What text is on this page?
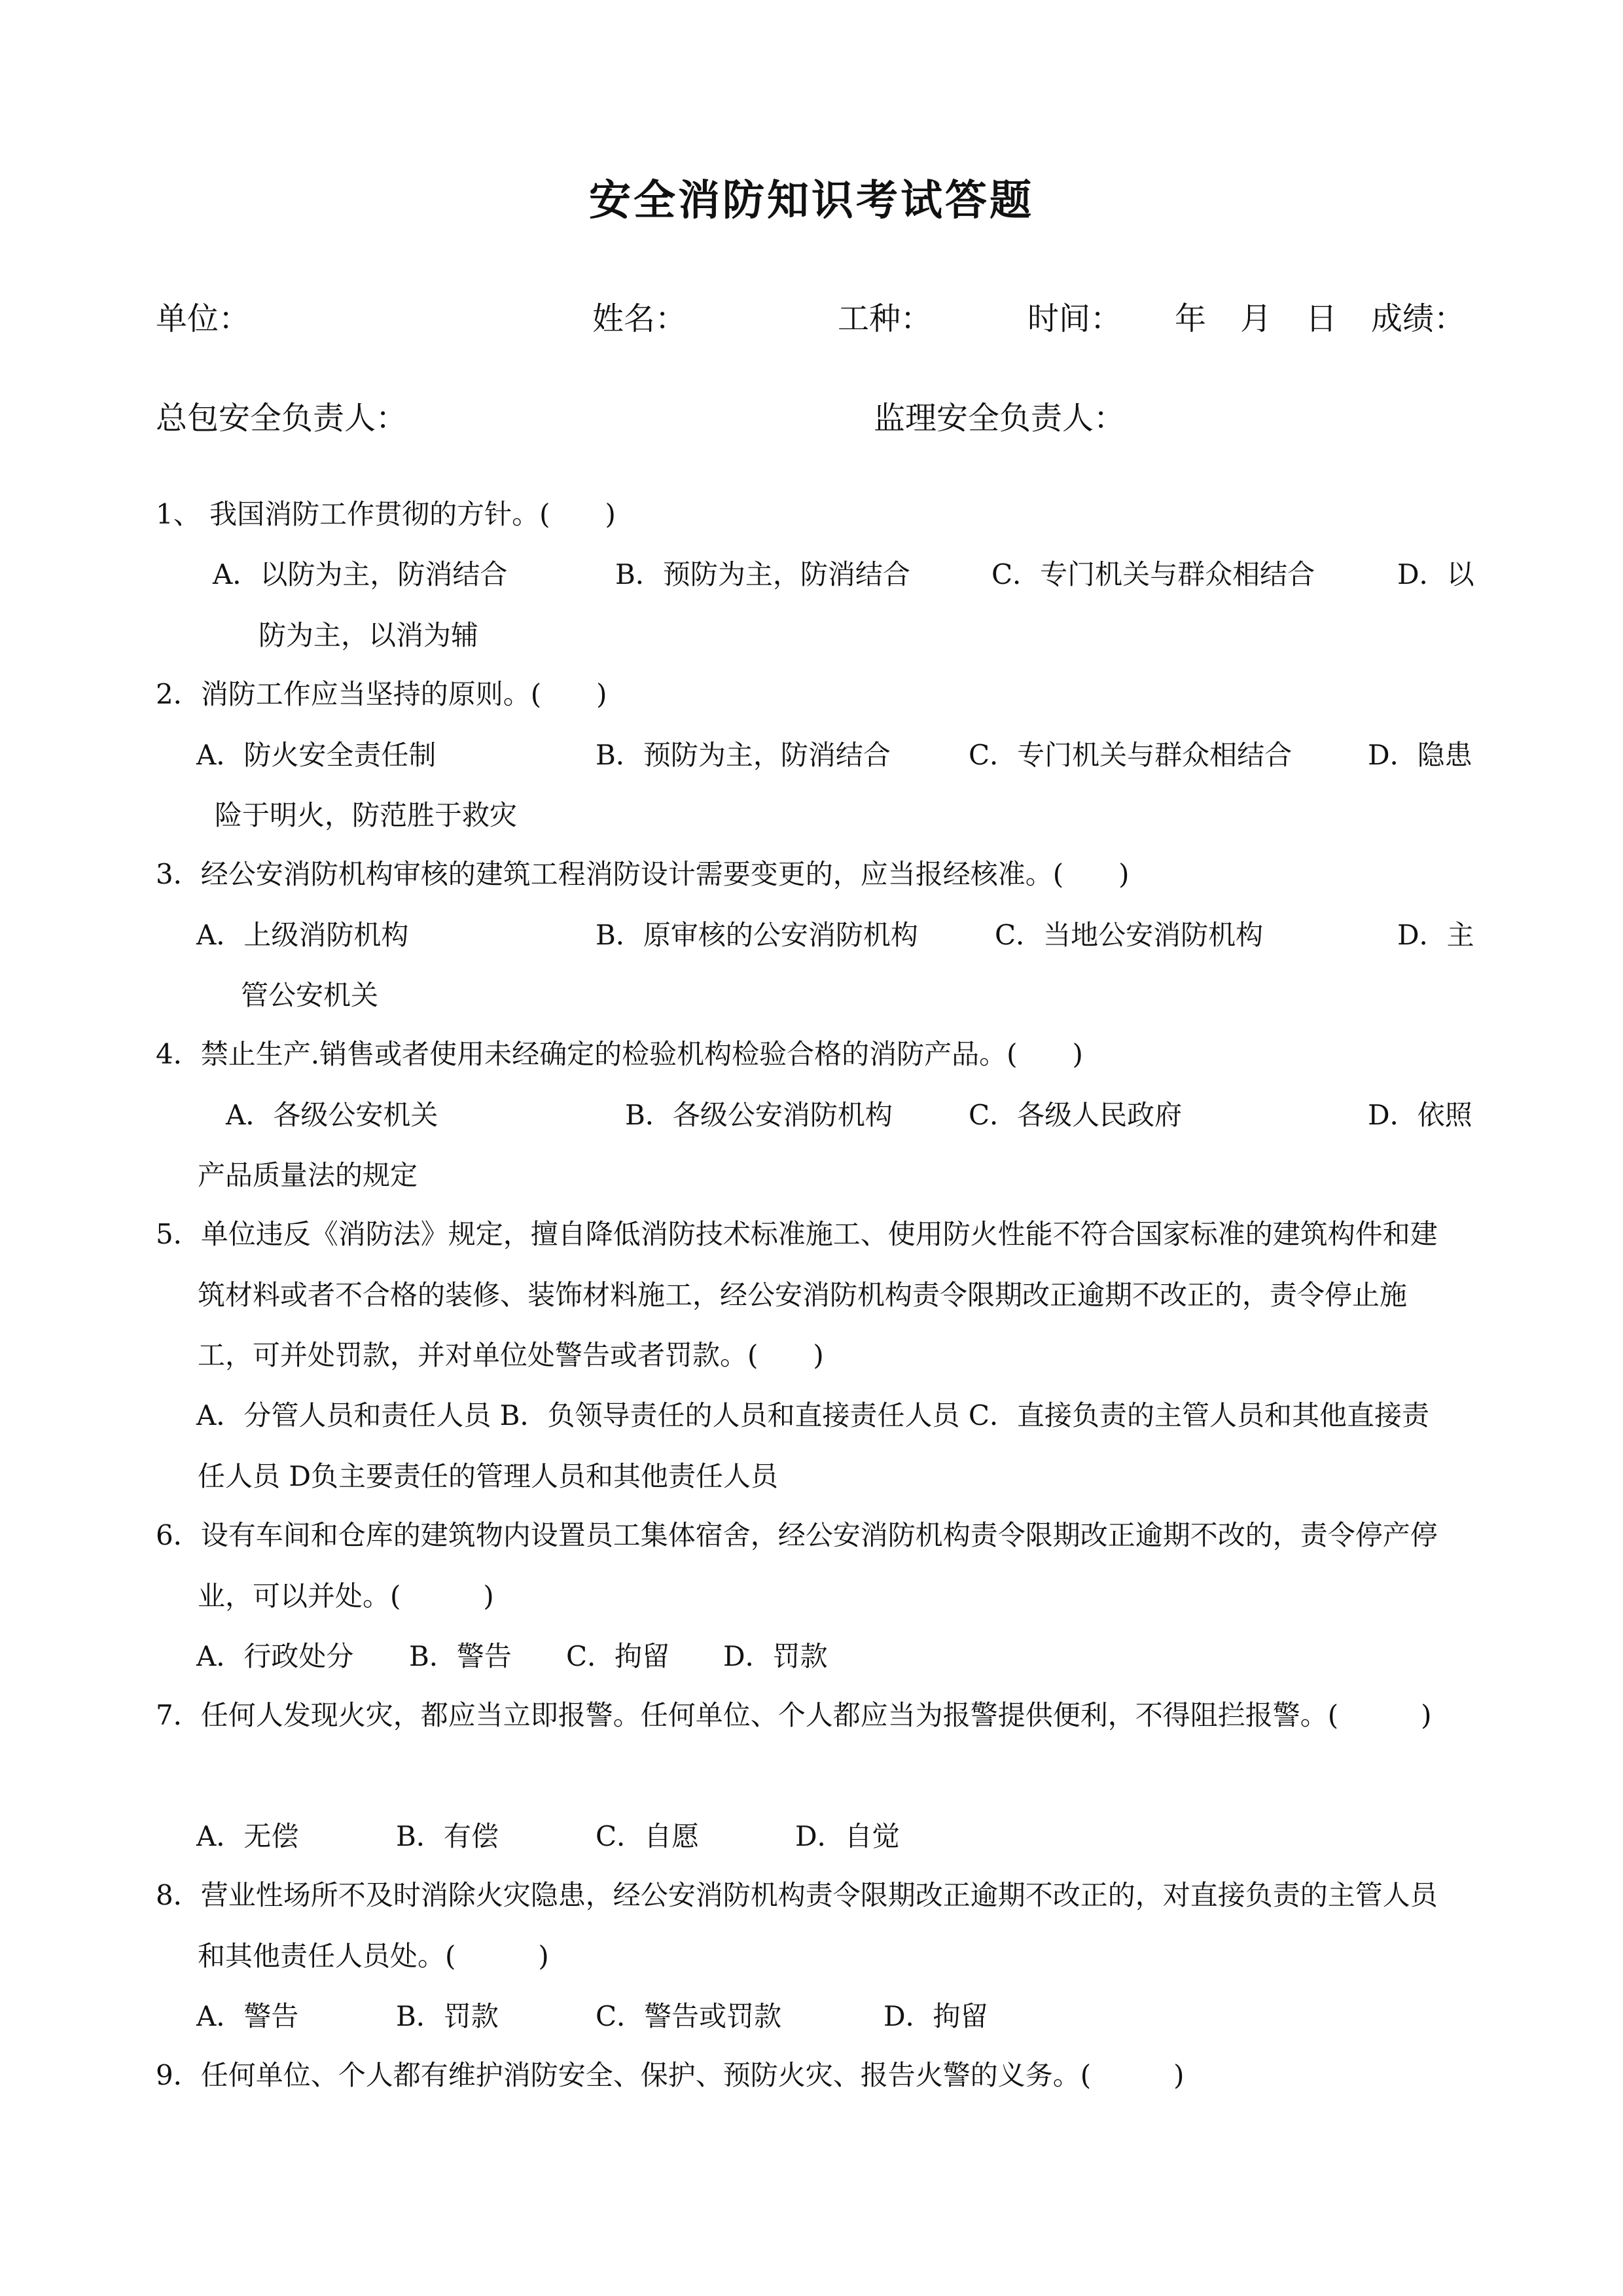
安全消防知识考试答题
单位：	姓名：	工种：	时间： 年 月 日 成绩：
总包安全负责人：	监理安全负责人：
1、 我国消防工作贯彻的方针。(　　)
A．以防为主，防消结合	B．预防为主，防消结合	C．专门机关与群众相结合	D．以
防为主，以消为辅
2．消防工作应当坚持的原则。(　　)
A．防火安全责任制	B．预防为主，防消结合	C．专门机关与群众相结合	D．隐患
险于明火，防范胜于救灾
3．经公安消防机构审核的建筑工程消防设计需要变更的，应当报经核准。(　　)
A．上级消防机构	B．原审核的公安消防机构	C．当地公安消防机构	D．主
管公安机关
4．禁止生产.销售或者使用未经确定的检验机构检验合格的消防产品。(　　)
A．各级公安机关	B．各级公安消防机构	C．各级人民政府	D．依照
产品质量法的规定
5．单位违反《消防法》规定，擅自降低消防技术标准施工、使用防火性能不符合国家标准的建筑构件和建
筑材料或者不合格的装修、装饰材料施工，经公安消防机构责令限期改正逾期不改正的，责令停止施
工，可并处罚款，并对单位处警告或者罚款。(　　)
A．分管人员和责任人员 B．负领导责任的人员和直接责任人员 C．直接负责的主管人员和其他直接责
任人员 D负主要责任的管理人员和其他责任人员
6．设有车间和仓库的建筑物内设置员工集体宿舍，经公安消防机构责令限期改正逾期不改的，责令停产停
业，可以并处。(　　　)
A．行政处分 B．警告 C．拘留 D．罚款
7．任何人发现火灾，都应当立即报警。任何单位、个人都应当为报警提供便利，不得阻拦报警。(　　　)
A．无偿	B．有偿	C．自愿	D．自觉
8．营业性场所不及时消除火灾隐患，经公安消防机构责令限期改正逾期不改正的，对直接负责的主管人员
和其他责任人员处。(　　　)
A．警告	B．罚款	C．警告或罚款	D．拘留
9．任何单位、个人都有维护消防安全、保护、预防火灾、报告火警的义务。(　　　)
